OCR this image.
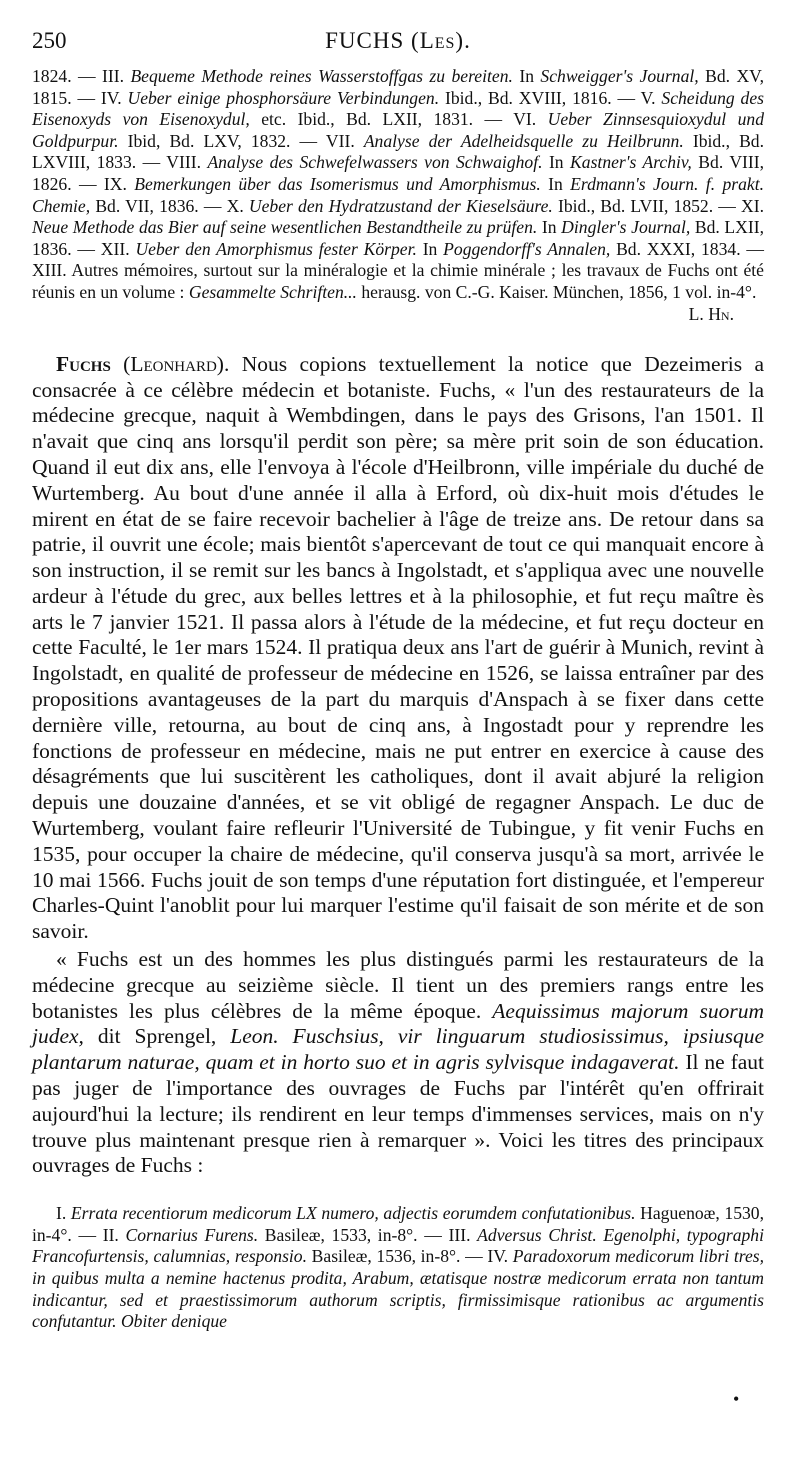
250	FUCHS (Les).

1824. — III. Bequeme Methode reines Wasserstoffgas zu bereiten. In Schweigger's Journal, Bd. XV, 1815. — IV. Ueber einige phosphorsäure Verbindungen. Ibid., Bd. XVIII, 1816. — V. Scheidung des Eisenoxyds von Eisenoxydul, etc. Ibid., Bd. LXII, 1831. — VI. Ueber Zinnsesquioxydul und Goldpurpur. Ibid, Bd. LXV, 1832. — VII. Analyse der Adelheidsquelle zu Heilbrunn. Ibid., Bd. LXVIII, 1833. — VIII. Analyse des Schwefelwassers von Schwaighof. In Kastner's Archiv, Bd. VIII, 1826. — IX. Bemerkungen über das Isomerismus und Amorphismus. In Erdmann's Journ. f. prakt. Chemie, Bd. VII, 1836. — X. Ueber den Hydratzustand der Kieselsäure. Ibid., Bd. LVII, 1852. — XI. Neue Methode das Bier auf seine wesentlichen Bestandtheile zu prüfen. In Dingler's Journal, Bd. LXII, 1836. — XII. Ueber den Amorphismus fester Körper. In Poggendorff's Annalen, Bd. XXXI, 1834. — XIII. Autres mémoires, surtout sur la minéralogie et la chimie minérale ; les travaux de Fuchs ont été réunis en un volume : Gesammelte Schriften... herausg. von C.-G. Kaiser. München, 1856, 1 vol. in-4°.

L. Hn.

Fuchs (Leonhard). Nous copions textuellement la notice que Dezeimeris a consacrée à ce célèbre médecin et botaniste. Fuchs, « l'un des restaurateurs de la médecine grecque, naquit à Wembdingen, dans le pays des Grisons, l'an 1501. Il n'avait que cinq ans lorsqu'il perdit son père; sa mère prit soin de son éducation. Quand il eut dix ans, elle l'envoya à l'école d'Heilbronn, ville impériale du duché de Wurtemberg. Au bout d'une année il alla à Erford, où dix-huit mois d'études le mirent en état de se faire recevoir bachelier à l'âge de treize ans. De retour dans sa patrie, il ouvrit une école; mais bientôt s'apercevant de tout ce qui manquait encore à son instruction, il se remit sur les bancs à Ingolstadt, et s'appliqua avec une nouvelle ardeur à l'étude du grec, aux belles lettres et à la philosophie, et fut reçu maître ès arts le 7 janvier 1521. Il passa alors à l'étude de la médecine, et fut reçu docteur en cette Faculté, le 1er mars 1524. Il pratiqua deux ans l'art de guérir à Munich, revint à Ingolstadt, en qualité de professeur de médecine en 1526, se laissa entraîner par des propositions avantageuses de la part du marquis d'Anspach à se fixer dans cette dernière ville, retourna, au bout de cinq ans, à Ingostadt pour y reprendre les fonctions de professeur en médecine, mais ne put entrer en exercice à cause des désagréments que lui suscitèrent les catholiques, dont il avait abjuré la religion depuis une douzaine d'années, et se vit obligé de regagner Anspach. Le duc de Wurtemberg, voulant faire refleurir l'Université de Tubingue, y fit venir Fuchs en 1535, pour occuper la chaire de médecine, qu'il conserva jusqu'à sa mort, arrivée le 10 mai 1566. Fuchs jouit de son temps d'une réputation fort distinguée, et l'empereur Charles-Quint l'anoblit pour lui marquer l'estime qu'il faisait de son mérite et de son savoir.

« Fuchs est un des hommes les plus distingués parmi les restaurateurs de la médecine grecque au seizième siècle. Il tient un des premiers rangs entre les botanistes les plus célèbres de la même époque. Aequissimus majorum suorum judex, dit Sprengel, Leon. Fuschsius, vir linguarum studiosissimus, ipsiusque plantarum naturae, quam et in horto suo et in agris sylvisque indagaverat. Il ne faut pas juger de l'importance des ouvrages de Fuchs par l'intérêt qu'en offrirait aujourd'hui la lecture; ils rendirent en leur temps d'immenses services, mais on n'y trouve plus maintenant presque rien à remarquer ». Voici les titres des principaux ouvrages de Fuchs :

I. Errata recentiorum medicorum LX numero, adjectis eorumdem confutationibus. Haguenoæ, 1530, in-4°. — II. Cornarius Furens. Basileæ, 1533, in-8°. — III. Adversus Christ. Egenolphi, typographi Francofurtensis, calumnias, responsio. Basileæ, 1536, in-8°. — IV. Paradoxorum medicorum libri tres, in quibus multa a nemine hactenus prodita, Arabum, ætatisque nostræ medicorum errata non tantum indicantur, sed et praestissimorum authorum scriptis, firmissimisque rationibus ac argumentis confutantur. Obiter denique

•
